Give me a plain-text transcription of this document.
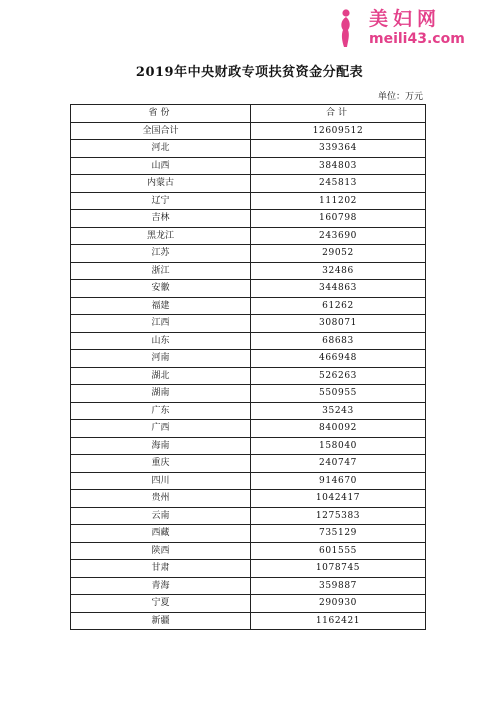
美妇网
meili43.com
2019年中央财政专项扶贫资金分配表
单位：万元
省份	合计
全国合计	12609512
河北	339364
山西	384803
内蒙古	245813
辽宁	111202
吉林	160798
黑龙江	243690
江苏	29052
浙江	32486
安徽	344863
福建	61262
江西	308071
山东	68683
河南	466948
湖北	526263
湖南	550955
广东	35243
广西	840092
海南	158040
重庆	240747
四川	914670
贵州	1042417
云南	1275383
西藏	735129
陕西	601555
甘肃	1078745
青海	359887
宁夏	290930
新疆	1162421
